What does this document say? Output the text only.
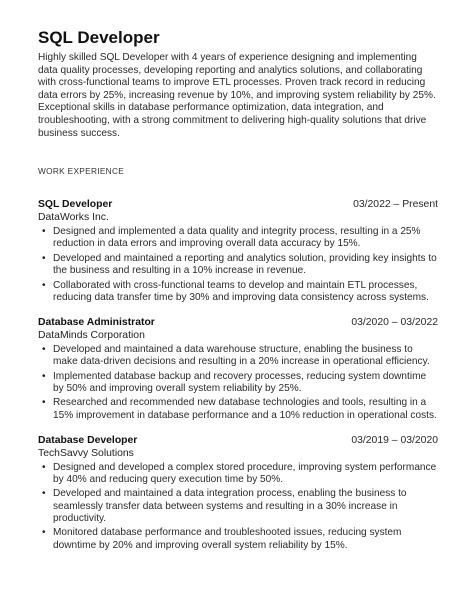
SQL Developer

Highly skilled SQL Developer with 4 years of experience designing and implementing data quality processes, developing reporting and analytics solutions, and collaborating with cross-functional teams to improve ETL processes. Proven track record in reducing data errors by 25%, increasing revenue by 10%, and improving system reliability by 25%. Exceptional skills in database performance optimization, data integration, and troubleshooting, with a strong commitment to delivering high-quality solutions that drive business success.

WORK EXPERIENCE
SQL Developer	03/2022 – Present
DataWorks Inc.
• Designed and implemented a data quality and integrity process, resulting in a 25% reduction in data errors and improving overall data accuracy by 15%.
• Developed and maintained a reporting and analytics solution, providing key insights to the business and resulting in a 10% increase in revenue.
• Collaborated with cross-functional teams to develop and maintain ETL processes, reducing data transfer time by 30% and improving data consistency across systems.
Database Administrator	03/2020 – 03/2022
DataMinds Corporation
• Developed and maintained a data warehouse structure, enabling the business to make data-driven decisions and resulting in a 20% increase in operational efficiency.
• Implemented database backup and recovery processes, reducing system downtime by 50% and improving overall system reliability by 25%.
• Researched and recommended new database technologies and tools, resulting in a 15% improvement in database performance and a 10% reduction in operational costs.
Database Developer	03/2019 – 03/2020
TechSavvy Solutions
• Designed and developed a complex stored procedure, improving system performance by 40% and reducing query execution time by 50%.
• Developed and maintained a data integration process, enabling the business to seamlessly transfer data between systems and resulting in a 30% increase in productivity.
• Monitored database performance and troubleshooted issues, reducing system downtime by 20% and improving overall system reliability by 15%.
